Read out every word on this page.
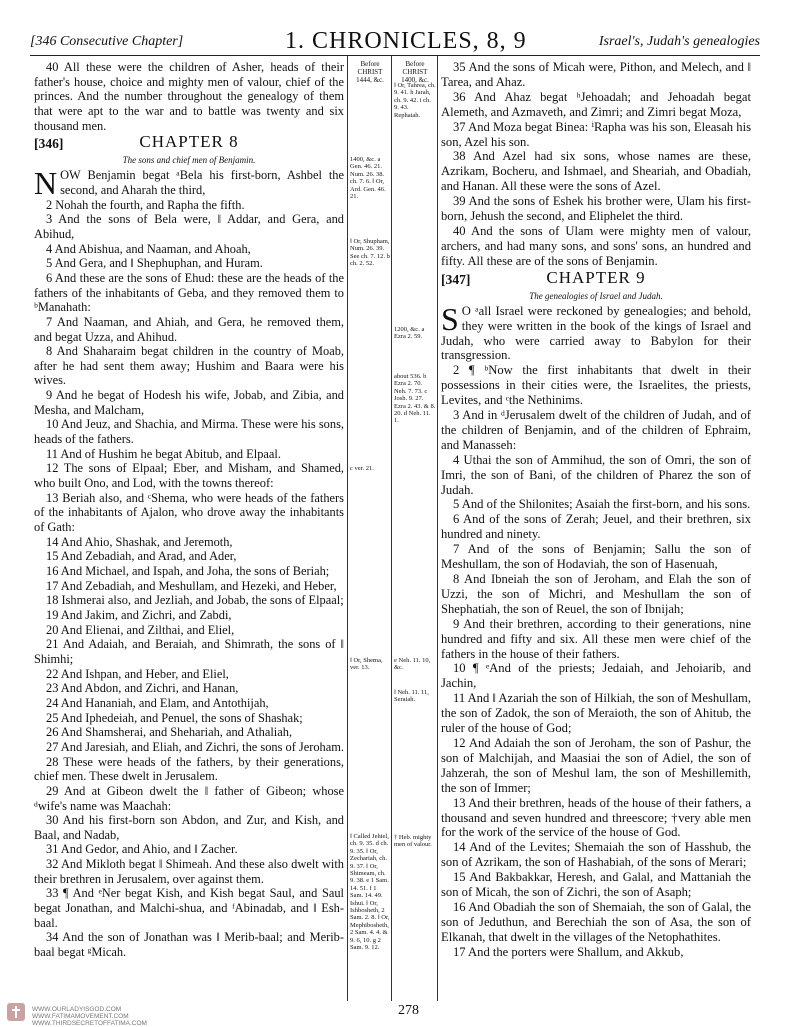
[346 Consecutive Chapter]	1. CHRONICLES, 8, 9	Israel's, Judah's genealogies

40 All these were the children of Asher, heads of their father's house, choice and mighty men of valour, chief of the princes. And the number throughout the genealogy of them that were apt to the war and to battle was twenty and six thousand men.

[346]	CHAPTER 8
The sons and chief men of Benjamin.

NOW Benjamin begat ᵃBela his first-born, Ashbel the second, and Aharah the third,

2 Nohah the fourth, and Rapha the fifth.

3 And the sons of Bela were, ‖ Addar, and Gera, and Abihud,

4 And Abishua, and Naaman, and Ahoah,

5 And Gera, and ‖ Shephuphan, and Huram.

6 And these are the sons of Ehud: these are the heads of the fathers of the inhabitants of Geba, and they removed them to ᵇManahath:

7 And Naaman, and Ahiah, and Gera, he removed them, and begat Uzza, and Ahihud.

8 And Shaharaim begat children in the country of Moab, after he had sent them away; Hushim and Baara were his wives.

9 And he begat of Hodesh his wife, Jobab, and Zibia, and Mesha, and Malcham,

10 And Jeuz, and Shachia, and Mirma. These were his sons, heads of the fathers.

11 And of Hushim he begat Abitub, and Elpaal.

12 The sons of Elpaal; Eber, and Misham, and Shamed, who built Ono, and Lod, with the towns thereof:

13 Beriah also, and ᶜShema, who were heads of the fathers of the inhabitants of Ajalon, who drove away the inhabitants of Gath:

14 And Ahio, Shashak, and Jeremoth,

15 And Zebadiah, and Arad, and Ader,

16 And Michael, and Ispah, and Joha, the sons of Beriah;

17 And Zebadiah, and Meshullam, and Hezeki, and Heber,

18 Ishmerai also, and Jezliah, and Jobab, the sons of Elpaal;

19 And Jakim, and Zichri, and Zabdi,

20 And Elienai, and Zilthai, and Eliel,

21 And Adaiah, and Beraiah, and Shimrath, the sons of ‖ Shimhi;

22 And Ishpan, and Heber, and Eliel,

23 And Abdon, and Zichri, and Hanan,

24 And Hananiah, and Elam, and Antothijah,

25 And Iphedeiah, and Penuel, the sons of Shashak;

26 And Shamsherai, and Shehariah, and Athaliah,

27 And Jaresiah, and Eliah, and Zichri, the sons of Jeroham.

28 These were heads of the fathers, by their generations, chief men. These dwelt in Jerusalem.

29 And at Gibeon dwelt the ‖ father of Gibeon; whose ᵈwife's name was Maachah:

30 And his first-born son Abdon, and Zur, and Kish, and Baal, and Nadab,

31 And Gedor, and Ahio, and ‖ Zacher.

32 And Mikloth begat ‖ Shimeah. And these also dwelt with their brethren in Jerusalem, over against them.

33 ¶ And ᵉNer begat Kish, and Kish begat Saul, and Saul begat Jonathan, and Malchi-shua, and ᶠAbinadab, and ‖ Esh-baal.

34 And the son of Jonathan was ‖ Merib-baal; and Merib-baal begat ᵍMicah.

Before CHRIST 1444, &c.
1400, &c. a Gen. 46. 21. Num. 26. 38. ch. 7. 6. ‖ Or, Ard. Gen. 46. 21.
‖ Or, Shupham, Num. 26. 39. See ch. 7. 12. b ch. 2. 52.
c ver. 21.
‖ Or, Shema, ver. 13.
‖ Called Jehiel, ch. 9. 35. d ch. 9. 35. ‖ Or, Zechariah, ch. 9. 37. ‖ Or, Shimeam, ch. 9. 38. e 1 Sam. 14. 51. f 1 Sam. 14. 49. Ishui. ‖ Or, Ishbosheth, 2 Sam. 2. 8. ‖ Or, Mephibosheth, 2 Sam. 4. 4. & 9. 6, 10. g 2 Sam. 9. 12.
Before CHRIST 1400, &c.
‖ Or, Tahrea, ch. 9. 41. h Jarah, ch. 9. 42. i ch. 9. 43. Rephaiah.
1200, &c. a Ezra 2. 59.
about 536. b Ezra 2. 70. Neh. 7. 73. c Josh. 9. 27. Ezra 2. 43. & 8. 20. d Neh. 11. 1.
e Neh. 11. 10, &c.
‖ Neh. 11. 11, Seraiah.
† Heb. mighty men of valour.

35 And the sons of Micah were, Pithon, and Melech, and ‖ Tarea, and Ahaz.

36 And Ahaz begat ʰJehoadah; and Jehoadah begat Alemeth, and Azmaveth, and Zimri; and Zimri begat Moza,

37 And Moza begat Binea: ⁱRapha was his son, Eleasah his son, Azel his son.

38 And Azel had six sons, whose names are these, Azrikam, Bocheru, and Ishmael, and Sheariah, and Obadiah, and Hanan. All these were the sons of Azel.

39 And the sons of Eshek his brother were, Ulam his first-born, Jehush the second, and Eliphelet the third.

40 And the sons of Ulam were mighty men of valour, archers, and had many sons, and sons' sons, an hundred and fifty. All these are of the sons of Benjamin.

[347]	CHAPTER 9
The genealogies of Israel and Judah.

S O ᵃall Israel were reckoned by genealogies; and behold, they were written in the book of the kings of Israel and Judah, who were carried away to Babylon for their transgression.

2 ¶ ᵇNow the first inhabitants that dwelt in their possessions in their cities were, the Israelites, the priests, Levites, and ᶜthe Nethinims.

3 And in ᵈJerusalem dwelt of the children of Judah, and of the children of Benjamin, and of the children of Ephraim, and Manasseh:

4 Uthai the son of Ammihud, the son of Omri, the son of Imri, the son of Bani, of the children of Pharez the son of Judah.

5 And of the Shilonites; Asaiah the first-born, and his sons.

6 And of the sons of Zerah; Jeuel, and their brethren, six hundred and ninety.

7 And of the sons of Benjamin; Sallu the son of Meshullam, the son of Hodaviah, the son of Hasenuah,

8 And Ibneiah the son of Jeroham, and Elah the son of Uzzi, the son of Michri, and Meshullam the son of Shephatiah, the son of Reuel, the son of Ibnijah;

9 And their brethren, according to their generations, nine hundred and fifty and six. All these men were chief of the fathers in the house of their fathers.

10 ¶ ᵉAnd of the priests; Jedaiah, and Jehoiarib, and Jachin,

11 And ‖ Azariah the son of Hilkiah, the son of Meshullam, the son of Zadok, the son of Meraioth, the son of Ahitub, the ruler of the house of God;

12 And Adaiah the son of Jeroham, the son of Pashur, the son of Malchijah, and Maasiai the son of Adiel, the son of Jahzerah, the son of Meshul lam, the son of Meshillemith, the son of Immer;

13 And their brethren, heads of the house of their fathers, a thousand and seven hundred and threescore; †very able men for the work of the service of the house of God.

14 And of the Levites; Shemaiah the son of Hasshub, the son of Azrikam, the son of Hashabiah, of the sons of Merari;

15 And Bakbakkar, Heresh, and Galal, and Mattaniah the son of Micah, the son of Zichri, the son of Asaph;

16 And Obadiah the son of Shemaiah, the son of Galal, the son of Jeduthun, and Berechiah the son of Asa, the son of Elkanah, that dwelt in the villages of the Netophathites.

17 And the porters were Shallum, and Akkub,

WWW.OURLADYISGOD.COM
WWW.FATIMAMOVEMENT.COM
WWW.THIRDSECRETOFFATIMA.COM
278
